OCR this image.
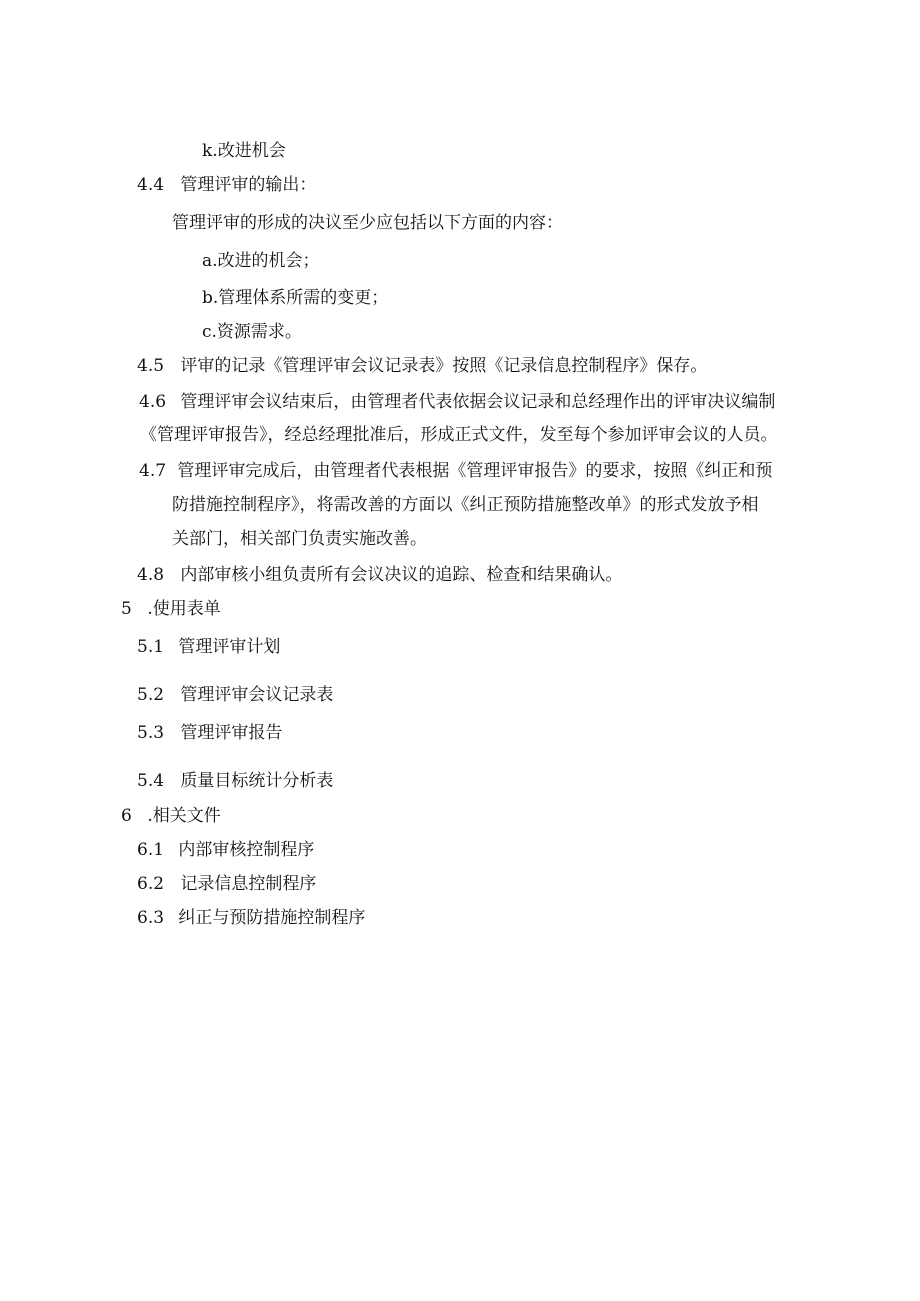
k.改进机会
4.4 管理评审的输出：
管理评审的形成的决议至少应包括以下方面的内容：
a.改进的机会；
b.管理体系所需的变更；
c.资源需求。
4.5 评审的记录《管理评审会议记录表》按照《记录信息控制程序》保存。
4.6 管理评审会议结束后，由管理者代表依据会议记录和总经理作出的评审决议编制
《管理评审报告》，经总经理批准后，形成正式文件，发至每个参加评审会议的人员。
4.7 管理评审完成后，由管理者代表根据《管理评审报告》的要求，按照《纠正和预
防措施控制程序》，将需改善的方面以《纠正预防措施整改单》的形式发放予相
关部门，相关部门负责实施改善。
4.8 内部审核小组负责所有会议决议的追踪、检查和结果确认。
5 .使用表单
5.1 管理评审计划
5.2 管理评审会议记录表
5.3 管理评审报告
5.4 质量目标统计分析表
6 .相关文件
6.1 内部审核控制程序
6.2 记录信息控制程序
6.3 纠正与预防措施控制程序
